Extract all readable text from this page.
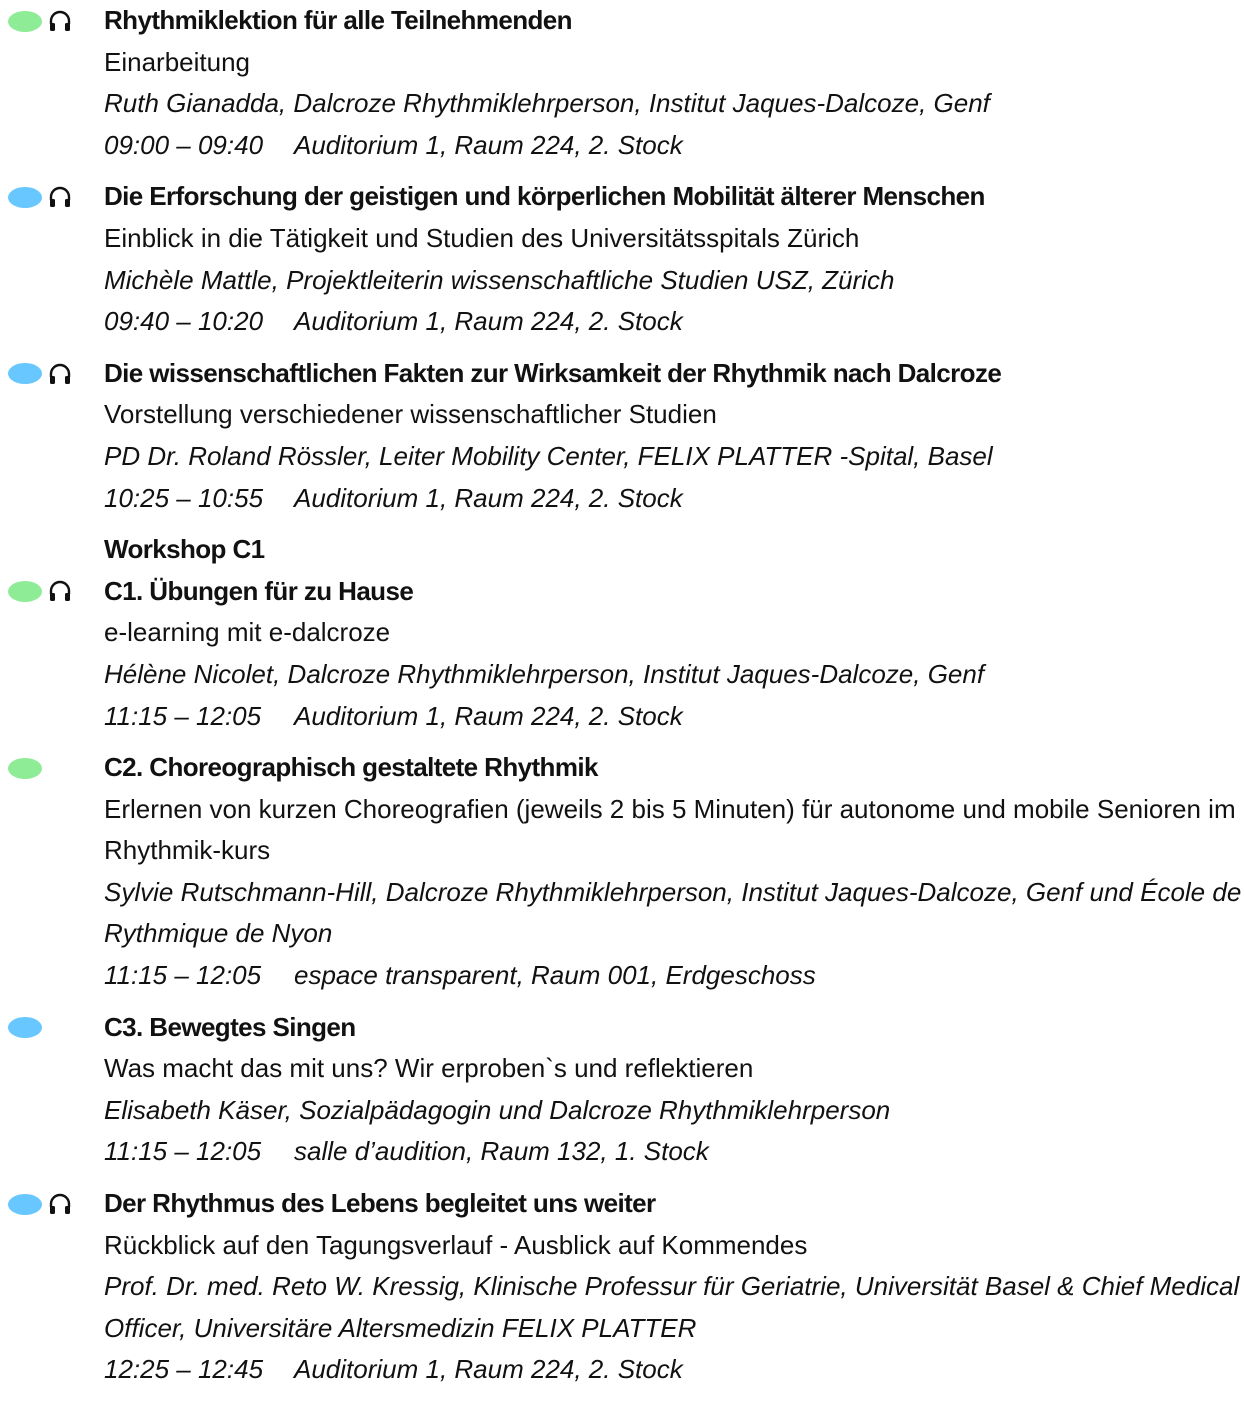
Rhythmiklektion für alle Teilnehmenden
Einarbeitung
Ruth Gianadda, Dalcroze Rhythmiklehrperson, Institut Jaques-Dalcoze, Genf
09:00 – 09:40 Auditorium 1, Raum 224, 2. Stock
Die Erforschung der geistigen und körperlichen Mobilität älterer Menschen
Einblick in die Tätigkeit und Studien des Universitätsspitals Zürich
Michèle Mattle, Projektleiterin wissenschaftliche Studien USZ, Zürich
09:40 – 10:20 Auditorium 1, Raum 224, 2. Stock
Die wissenschaftlichen Fakten zur Wirksamkeit der Rhythmik nach Dalcroze
Vorstellung verschiedener wissenschaftlicher Studien
PD Dr. Roland Rössler, Leiter Mobility Center, FELIX PLATTER -Spital, Basel
10:25 – 10:55 Auditorium 1, Raum 224, 2. Stock
Workshop C1
C1. Übungen für zu Hause
e-learning mit e-dalcroze
Hélène Nicolet, Dalcroze Rhythmiklehrperson, Institut Jaques-Dalcoze, Genf
11:15 – 12:05 Auditorium 1, Raum 224, 2. Stock
C2. Choreographisch gestaltete Rhythmik
Erlernen von kurzen Choreografien (jeweils 2 bis 5 Minuten) für autonome und mobile Senioren im Rhythmik-kurs
Sylvie Rutschmann-Hill, Dalcroze Rhythmiklehrperson, Institut Jaques-Dalcoze, Genf und École de Rythmique de Nyon
11:15 – 12:05 espace transparent, Raum 001, Erdgeschoss
C3. Bewegtes Singen
Was macht das mit uns? Wir erproben`s und reflektieren
Elisabeth Käser, Sozialpädagogin und Dalcroze Rhythmiklehrperson
11:15 – 12:05 salle d’audition, Raum 132, 1. Stock
Der Rhythmus des Lebens begleitet uns weiter
Rückblick auf den Tagungsverlauf - Ausblick auf Kommendes
Prof. Dr. med. Reto W. Kressig, Klinische Professur für Geriatrie, Universität Basel & Chief Medical Officer, Universitäre Altersmedizin FELIX PLATTER
12:25 – 12:45 Auditorium 1, Raum 224, 2. Stock
